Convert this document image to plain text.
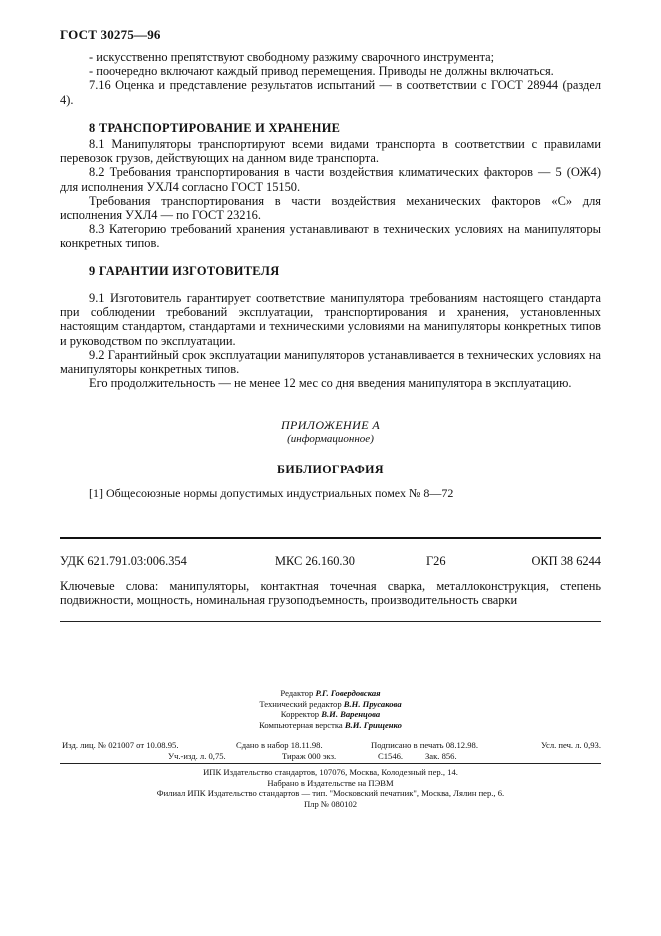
ГОСТ 30275—96

- искусственно препятствуют свободному разжиму сварочного инструмента;

- поочередно включают каждый привод перемещения. Приводы не должны включаться.

7.16 Оценка и представление результатов испытаний — в соответствии с ГОСТ 28944 (раздел 4).

8 ТРАНСПОРТИРОВАНИЕ И ХРАНЕНИЕ

8.1 Манипуляторы транспортируют всеми видами транспорта в соответствии с правилами перевозок грузов, действующих на данном виде транспорта.

8.2 Требования транспортирования в части воздействия климатических факторов — 5 (ОЖ4) для исполнения УХЛ4 согласно ГОСТ 15150.

Требования транспортирования в части воздействия механических факторов «С» для исполнения УХЛ4 — по ГОСТ 23216.

8.3 Категорию требований хранения устанавливают в технических условиях на манипуляторы конкретных типов.

9 ГАРАНТИИ ИЗГОТОВИТЕЛЯ

9.1 Изготовитель гарантирует соответствие манипулятора требованиям настоящего стандарта при соблюдении требований эксплуатации, транспортирования и хранения, установленных настоящим стандартом, стандартами и техническими условиями на манипуляторы конкретных типов и руководством по эксплуатации.

9.2 Гарантийный срок эксплуатации манипуляторов устанавливается в технических условиях на манипуляторы конкретных типов.

Его продолжительность — не менее 12 мес со дня введения манипулятора в эксплуатацию.

ПРИЛОЖЕНИЕ А
(информационное)
БИБЛИОГРАФИЯ
[1] Общесоюзные нормы допустимых индустриальных помех № 8—72
УДК 621.791.03:006.354	МКС 26.160.30	Г26	ОКП 38 6244
Ключевые слова: манипуляторы, контактная точечная сварка, металлоконструкция, степень подвижности, мощность, номинальная грузоподъемность, производительность сварки
Редактор Р.Г. Говердовская
Технический редактор В.Н. Прусакова
Корректор В.И. Варенцова
Компьютерная верстка В.И. Грищенко
Изд. лиц. № 021007 от 10.08.95.	Сдано в набор 18.11.98.	Подписано в печать 08.12.98.	Усл. печ. л. 0,93.
Уч.-изд. л. 0,75.	Тираж 000 экз.	С1546.	Зак. 856.
ИПК Издательство стандартов, 107076, Москва, Колодезный пер., 14.
Набрано в Издательстве на ПЭВМ
Филиал ИПК Издательство стандартов — тип. "Московский печатник", Москва, Лялин пер., 6.
Плр № 080102
